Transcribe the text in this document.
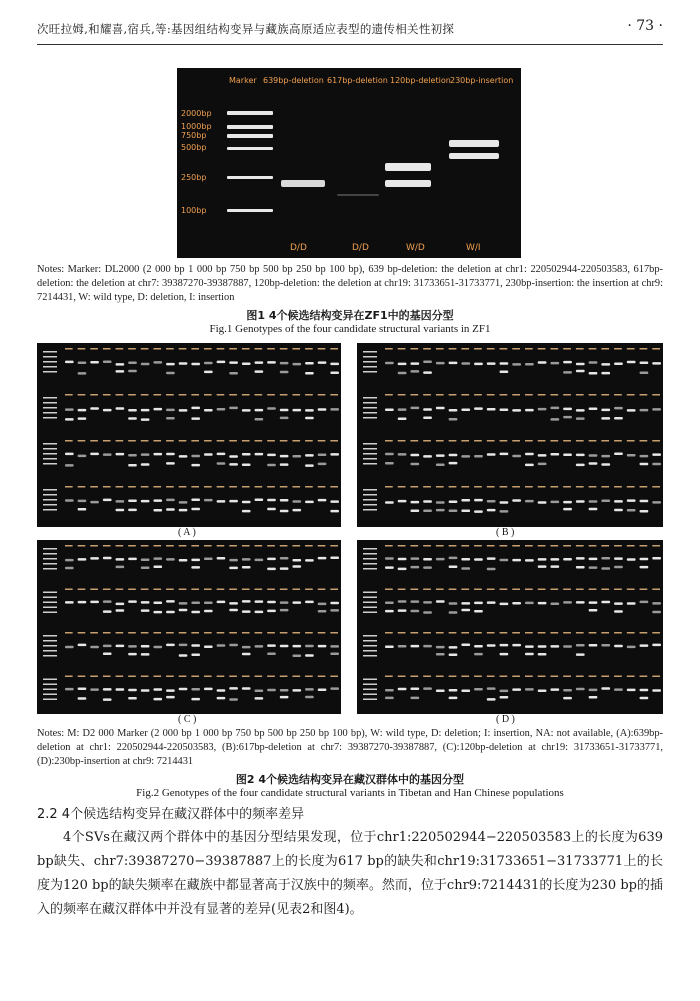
次旺拉姆,和耀喜,宿兵,等:基因组结构变异与藏族高原适应表型的遗传相关性初探	· 73 ·
Marker 639bp-deletion 617bp-deletion 120bp-deletion 230bp-insertion
2000bp
1000bp
750bp
500bp
250bp
100bp
D/D	D/D	W/D	W/I
Notes: Marker: DL2000 (2 000 bp 1 000 bp 750 bp 500 bp 250 bp 100 bp), 639 bp-deletion: the deletion at chr1: 220502944-220503583, 617bp-deletion: the deletion at chr7: 39387270-39387887, 120bp-deletion: the deletion at chr19: 31733651-31733771, 230bp-insertion: the insertion at chr9: 7214431, W: wild type, D: deletion, I: insertion
图1 4个候选结构变异在ZF1中的基因分型
Fig.1 Genotypes of the four candidate structural variants in ZF1
( A )	( B )
( C )	( D )
Notes: M: D2 000 Marker (2 000 bp 1 000 bp 750 bp 500 bp 250 bp 100 bp), W: wild type, D: deletion; I: insertion, NA: not available, (A):639bp-deletion at chr1: 220502944-220503583, (B):617bp-deletion at chr7: 39387270-39387887, (C):120bp-deletion at chr19: 31733651-31733771, (D):230bp-insertion at chr9: 7214431
图2 4个候选结构变异在藏汉群体中的基因分型
Fig.2 Genotypes of the four candidate structural variants in Tibetan and Han Chinese populations
2.2 4个候选结构变异在藏汉群体中的频率差异
4个SVs在藏汉两个群体中的基因分型结果发现，位于chr1:220502944−220503583上的长度为639 bp缺失、chr7:39387270−39387887上的长度为617 bp的缺失和chr19:31733651−31733771上的长度为120 bp的缺失频率在藏族中都显著高于汉族中的频率。然而，位于chr9:7214431的长度为230 bp的插入的频率在藏汉群体中并没有显著的差异(见表2和图4)。
